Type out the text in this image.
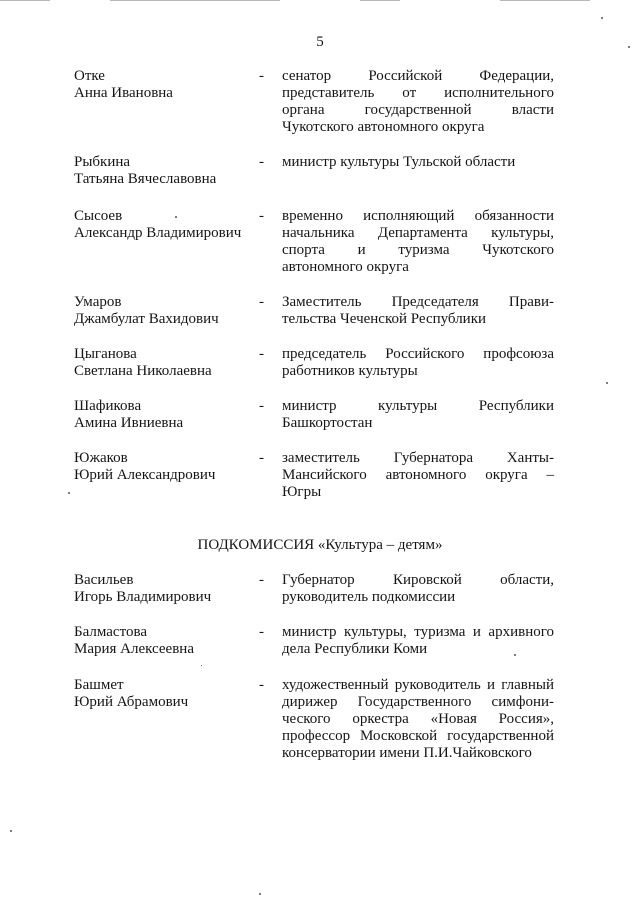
5
Отке
Анна Ивановна
- сенатор Российской Федерации,
представитель от исполнительного
органа государственной власти
Чукотского автономного округа
Рыбкина
Татьяна Вячеславовна
- министр культуры Тульской области
Сысоев
Александр Владимирович
- временно исполняющий обязанности
начальника Департамента культуры,
спорта и туризма Чукотского
автономного округа
Умаров
Джамбулат Вахидович
- Заместитель Председателя Прави-
тельства Чеченской Республики
Цыганова
Светлана Николаевна
- председатель Российского профсоюза
работников культуры
Шафикова
Амина Ивниевна
- министр культуры Республики
Башкортостан
Южаков
Юрий Александрович
- заместитель Губернатора Ханты-
Мансийского автономного округа –
Югры
ПОДКОМИССИЯ «Культура – детям»
Васильев
Игорь Владимирович
- Губернатор Кировской области,
руководитель подкомиссии
Балмастова
Мария Алексеевна
- министр культуры, туризма и архивного
дела Республики Коми
Башмет
Юрий Абрамович
- художественный руководитель и главный
дирижер Государственного симфони-
ческого оркестра «Новая Россия»,
профессор Московской государственной
консерватории имени П.И.Чайковского
